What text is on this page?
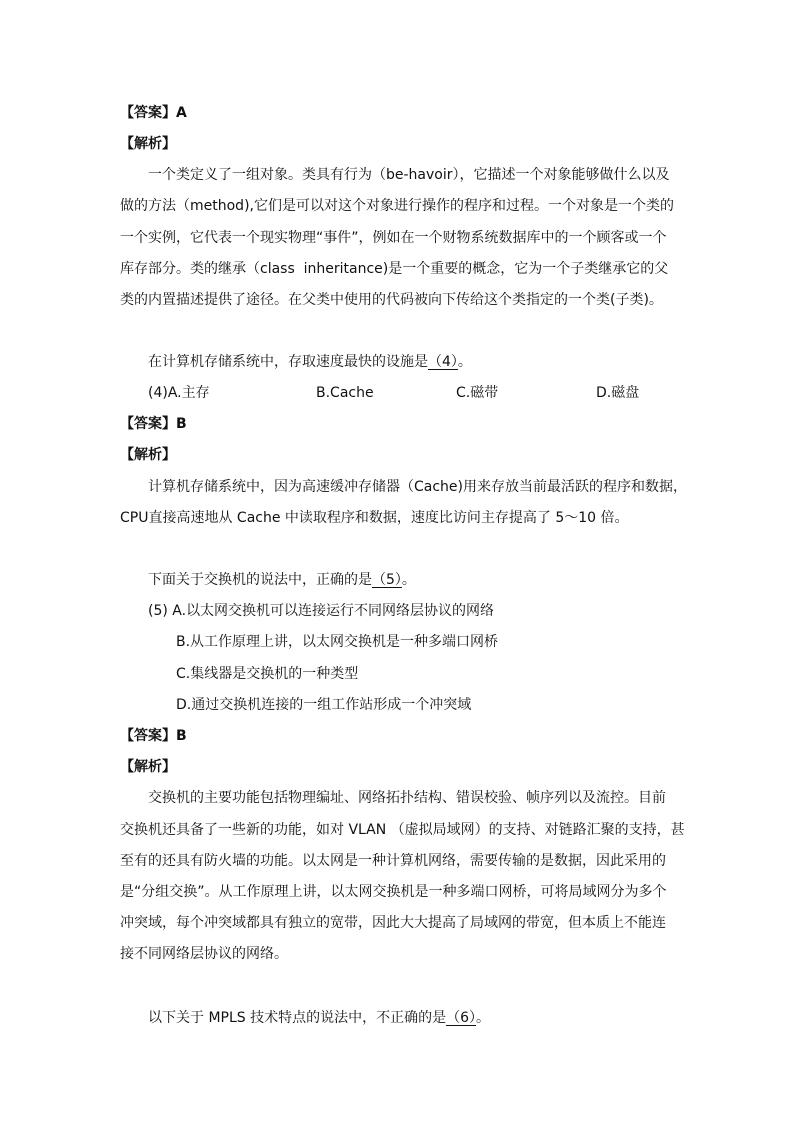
【答案】A
【解析】
一个类定义了一组对象。类具有行为（be-havoir），它描述一个对象能够做什么以及
做的方法（method),它们是可以对这个对象进行操作的程序和过程。一个对象是一个类的
一个实例，它代表一个现实物理“事件”，例如在一个财物系统数据库中的一个顾客或一个
库存部分。类的继承（class  inheritance)是一个重要的概念，它为一个子类继承它的父
类的内置描述提供了途径。在父类中使用的代码被向下传给这个类指定的一个类(子类)。
在计算机存储系统中，存取速度最快的设施是（4）。
(4)A.主存	B.Cache	C.磁带	D.磁盘
【答案】B
【解析】
计算机存储系统中，因为高速缓冲存储器（Cache)用来存放当前最活跃的程序和数据，
CPU直接高速地从 Cache 中读取程序和数据，速度比访问主存提高了 5～10 倍。
下面关于交换机的说法中，正确的是（5）。
(5) A.以太网交换机可以连接运行不同网络层协议的网络
B.从工作原理上讲，以太网交换机是一种多端口网桥
C.集线器是交换机的一种类型
D.通过交换机连接的一组工作站形成一个冲突域
【答案】B
【解析】
交换机的主要功能包括物理编址、网络拓扑结构、错误校验、帧序列以及流控。目前
交换机还具备了一些新的功能，如对 VLAN （虚拟局域网）的支持、对链路汇聚的支持，甚
至有的还具有防火墙的功能。以太网是一种计算机网络，需要传输的是数据，因此采用的
是“分组交换”。从工作原理上讲，以太网交换机是一种多端口网桥，可将局域网分为多个
冲突域，每个冲突域都具有独立的宽带，因此大大提高了局域网的带宽，但本质上不能连
接不同网络层协议的网络。
以下关于 MPLS 技术特点的说法中，不正确的是（6）。
